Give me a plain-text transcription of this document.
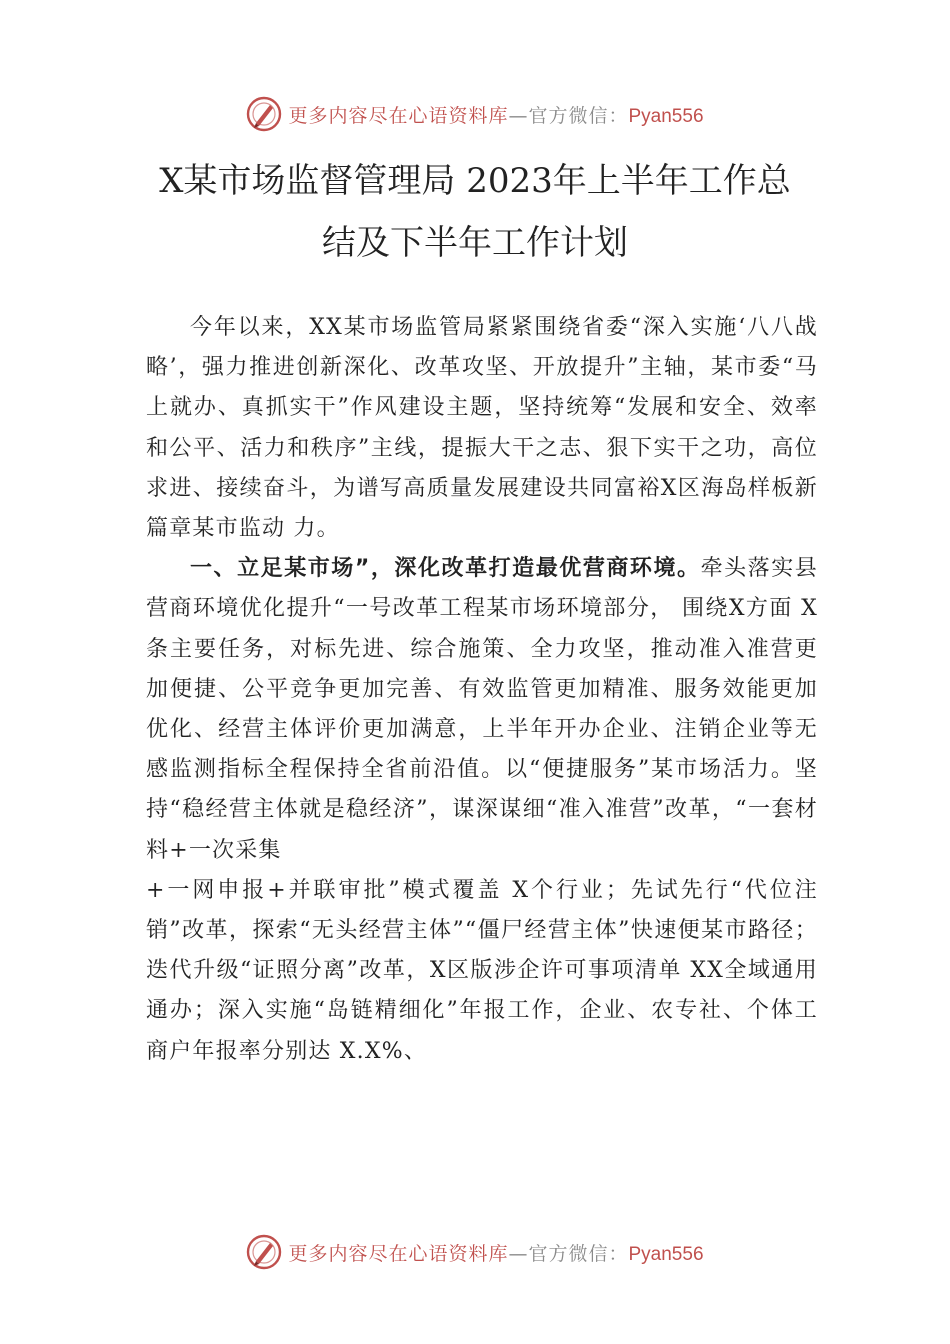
更多内容尽在心语资料库—官方微信：Pyan556
X某市场监督管理局 2023年上半年工作总
结及下半年工作计划

今年以来，XX某市场监管局紧紧围绕省委“深入实施‘八八战略’，强力推进创新深化、改革攻坚、开放提升”主轴，某市委“马上就办、真抓实干”作风建设主题，坚持统筹“发展和安全、效率和公平、活力和秩序”主线，提振大干之志、狠下实干之功，高位求进、接续奋斗，为谱写高质量发展建设共同富裕X区海岛样板新篇章某市监动 力。

一、立足某市场”，深化改革打造最优营商环境。牵头落实县营商环境优化提升“一号改革工程某市场环境部分， 围绕X方面 X条主要任务，对标先进、综合施策、全力攻坚，推动准入准营更加便捷、公平竞争更加完善、有效监管更加精准、服务效能更加优化、经营主体评价更加满意，上半年开办企业、注销企业等无感监测指标全程保持全省前沿值。以“便捷服务”某市场活力。坚持“稳经营主体就是稳经济”，谋深谋细“准入准营”改革，“一套材料+一次采集

+一网申报+并联审批”模式覆盖 X个行业；先试先行“代位注销”改革，探索“无头经营主体”“僵尸经营主体”快速便某市路径；迭代升级“证照分离”改革，X区版涉企许可事项清单 XX全域通用通办；深入实施“岛链精细化”年报工作，企业、农专社、个体工商户年报率分别达 X.X%、

更多内容尽在心语资料库—官方微信：Pyan556
